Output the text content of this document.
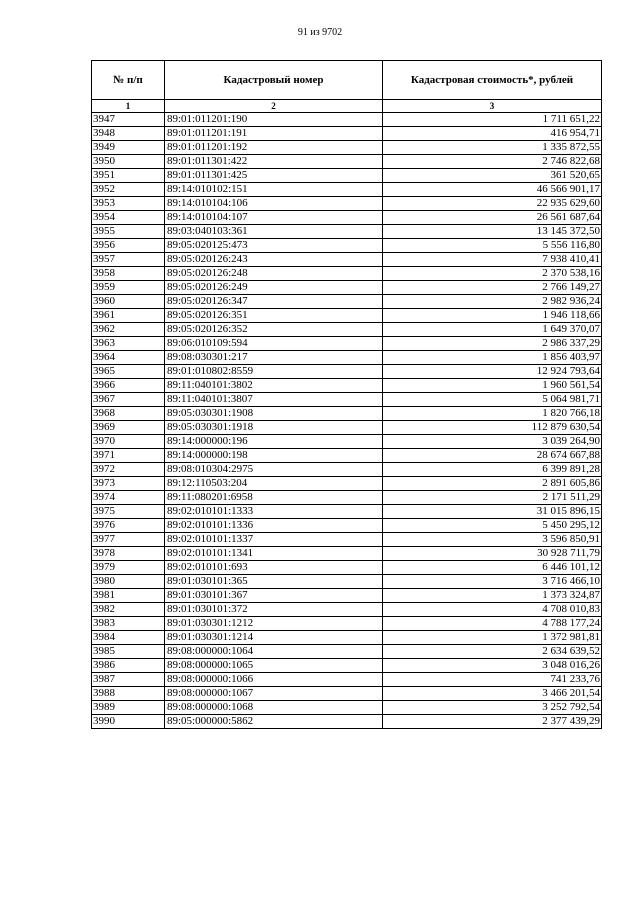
91 из 9702
№ п/п	Кадастровый номер	Кадастровая стоимость*, рублей
1	2	3
3947	89:01:011201:190	1 711 651,22
3948	89:01:011201:191	416 954,71
3949	89:01:011201:192	1 335 872,55
3950	89:01:011301:422	2 746 822,68
3951	89:01:011301:425	361 520,65
3952	89:14:010102:151	46 566 901,17
3953	89:14:010104:106	22 935 629,60
3954	89:14:010104:107	26 561 687,64
3955	89:03:040103:361	13 145 372,50
3956	89:05:020125:473	5 556 116,80
3957	89:05:020126:243	7 938 410,41
3958	89:05:020126:248	2 370 538,16
3959	89:05:020126:249	2 766 149,27
3960	89:05:020126:347	2 982 936,24
3961	89:05:020126:351	1 946 118,66
3962	89:05:020126:352	1 649 370,07
3963	89:06:010109:594	2 986 337,29
3964	89:08:030301:217	1 856 403,97
3965	89:01:010802:8559	12 924 793,64
3966	89:11:040101:3802	1 960 561,54
3967	89:11:040101:3807	5 064 981,71
3968	89:05:030301:1908	1 820 766,18
3969	89:05:030301:1918	112 879 630,54
3970	89:14:000000:196	3 039 264,90
3971	89:14:000000:198	28 674 667,88
3972	89:08:010304:2975	6 399 891,28
3973	89:12:110503:204	2 891 605,86
3974	89:11:080201:6958	2 171 511,29
3975	89:02:010101:1333	31 015 896,15
3976	89:02:010101:1336	5 450 295,12
3977	89:02:010101:1337	3 596 850,91
3978	89:02:010101:1341	30 928 711,79
3979	89:02:010101:693	6 446 101,12
3980	89:01:030101:365	3 716 466,10
3981	89:01:030101:367	1 373 324,87
3982	89:01:030101:372	4 708 010,83
3983	89:01:030301:1212	4 788 177,24
3984	89:01:030301:1214	1 372 981,81
3985	89:08:000000:1064	2 634 639,52
3986	89:08:000000:1065	3 048 016,26
3987	89:08:000000:1066	741 233,76
3988	89:08:000000:1067	3 466 201,54
3989	89:08:000000:1068	3 252 792,54
3990	89:05:000000:5862	2 377 439,29
